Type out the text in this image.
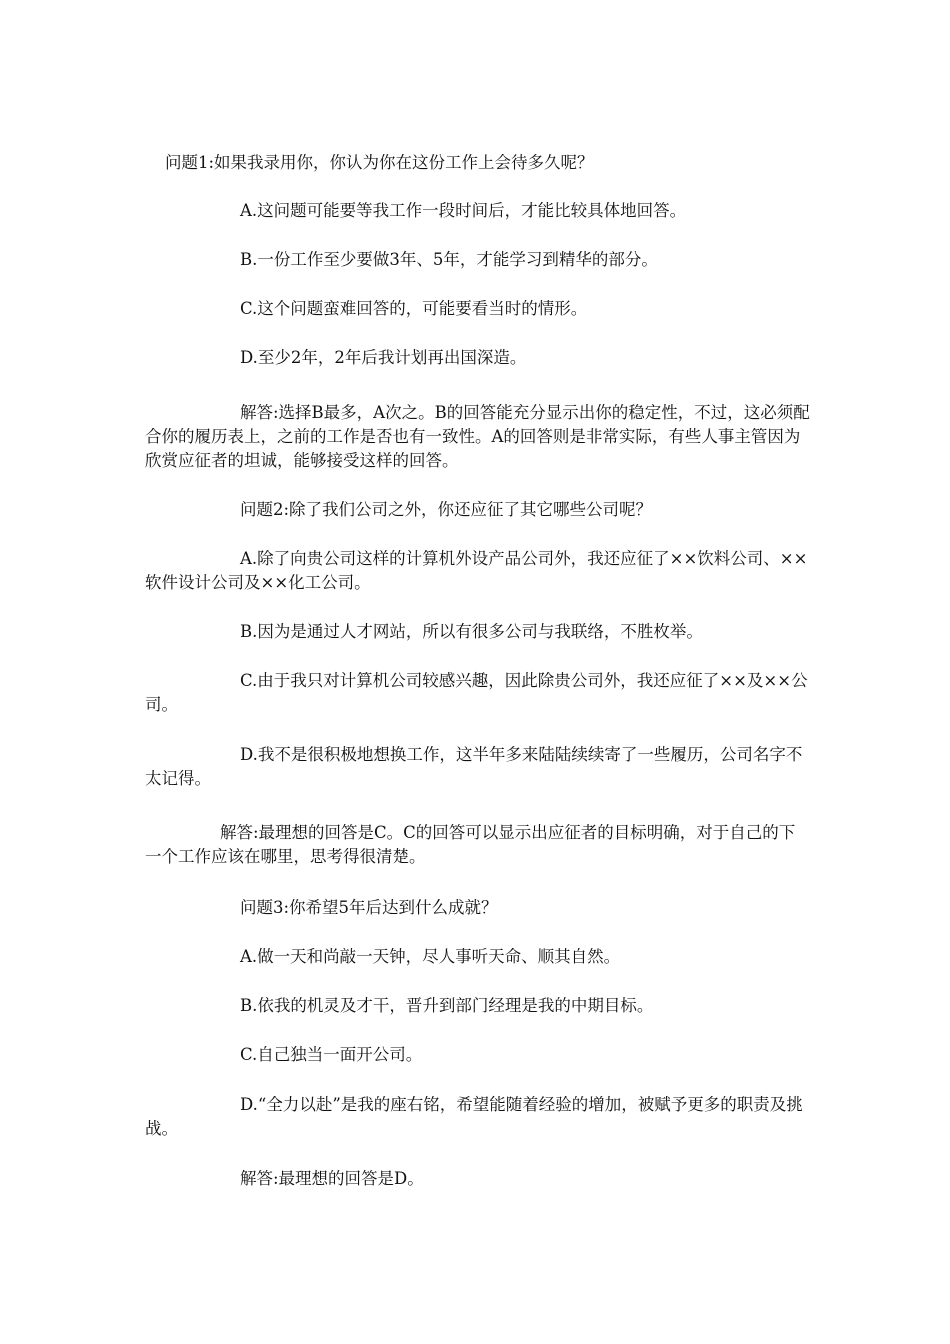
问题1:如果我录用你，你认为你在这份工作上会待多久呢？

A.这问题可能要等我工作一段时间后，才能比较具体地回答。

B.一份工作至少要做3年、5年，才能学习到精华的部分。

C.这个问题蛮难回答的，可能要看当时的情形。

D.至少2年，2年后我计划再出国深造。

解答:选择B最多，A次之。B的回答能充分显示出你的稳定性，不过，这必须配合你的履历表上，之前的工作是否也有一致性。A的回答则是非常实际，有些人事主管因为欣赏应征者的坦诚，能够接受这样的回答。

问题2:除了我们公司之外，你还应征了其它哪些公司呢？

A.除了向贵公司这样的计算机外设产品公司外，我还应征了××饮料公司、××软件设计公司及××化工公司。

B.因为是通过人才网站，所以有很多公司与我联络，不胜枚举。

C.由于我只对计算机公司较感兴趣，因此除贵公司外，我还应征了××及××公司。

D.我不是很积极地想换工作，这半年多来陆陆续续寄了一些履历，公司名字不太记得。

解答:最理想的回答是C。C的回答可以显示出应征者的目标明确，对于自己的下一个工作应该在哪里，思考得很清楚。

问题3:你希望5年后达到什么成就？

A.做一天和尚敲一天钟，尽人事听天命、顺其自然。

B.依我的机灵及才干，晋升到部门经理是我的中期目标。

C.自己独当一面开公司。

D.“全力以赴”是我的座右铭，希望能随着经验的增加，被赋予更多的职责及挑战。

解答:最理想的回答是D。
